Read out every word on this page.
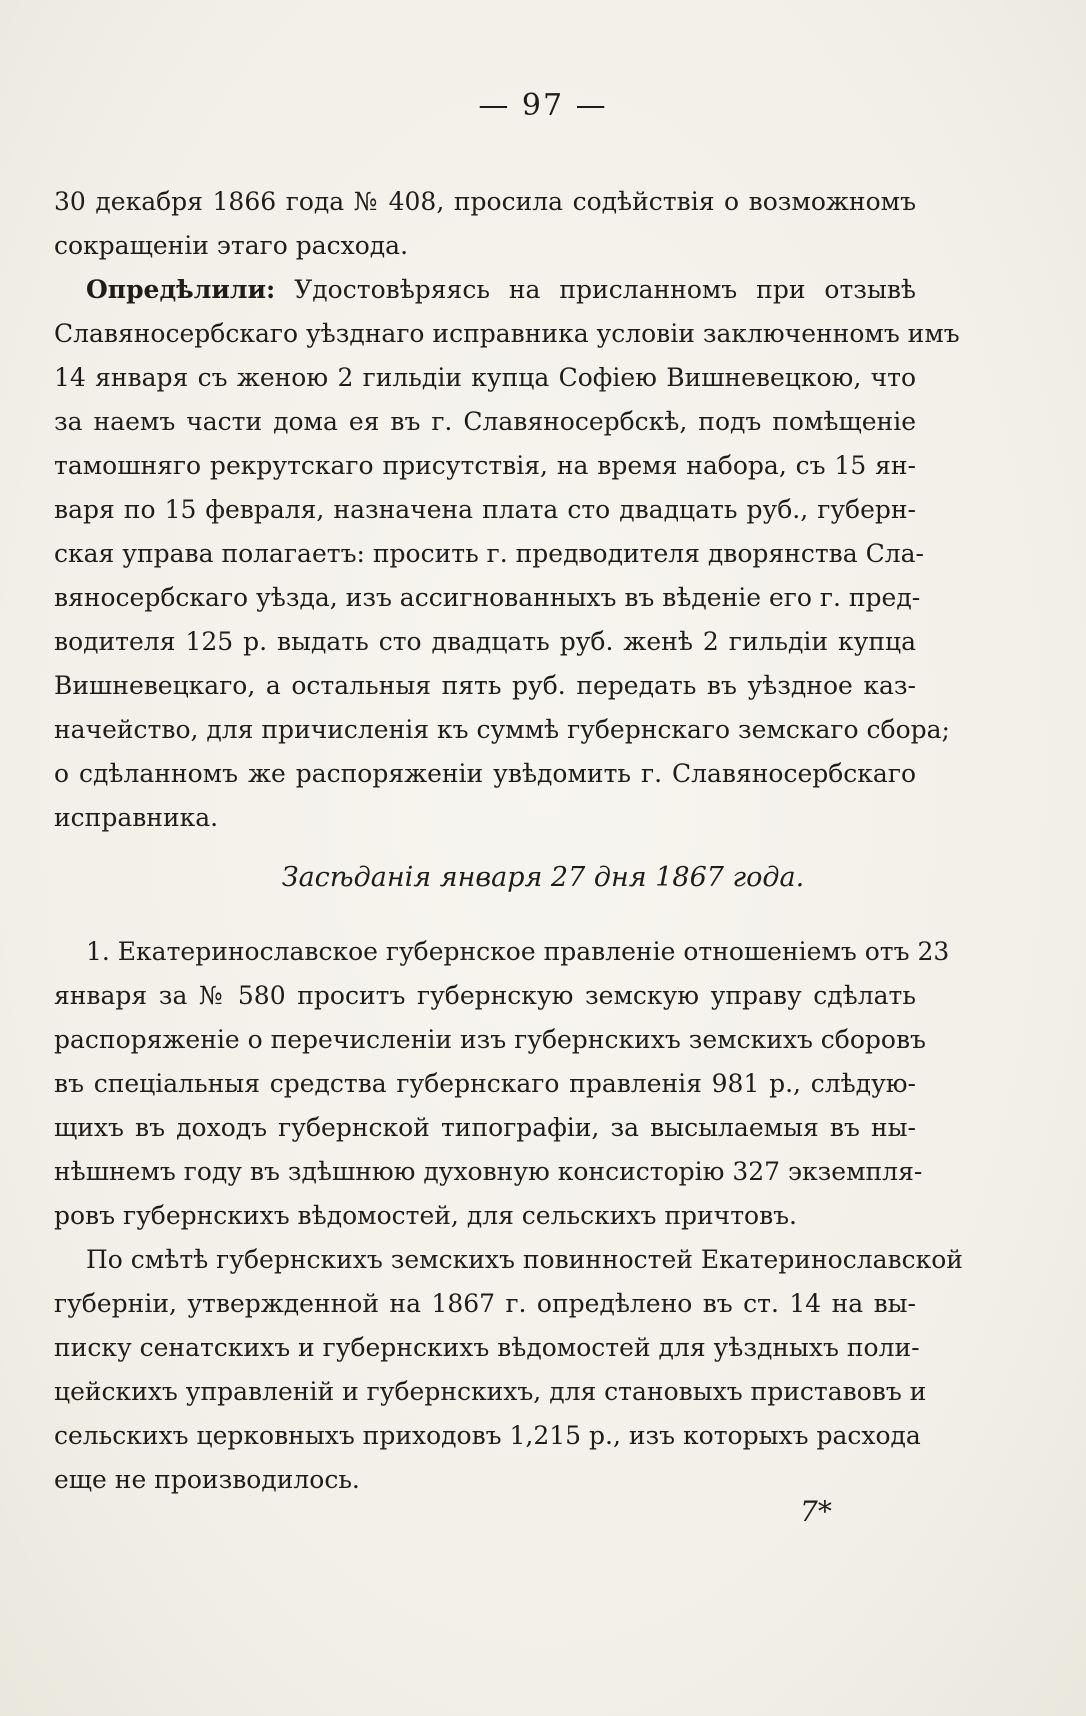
— 97 —
30 декабря 1866 года № 408, просила содѣйствія о возможномъ
сокращеніи этаго расхода.
Опредѣлили: Удостовѣряясь на присланномъ при отзывѣ
Славяносербскаго уѣзднаго исправника условіи заключенномъ имъ
14 января съ женою 2 гильдіи купца Софіею Вишневецкою, что
за наемъ части дома ея въ г. Славяносербскѣ, подъ помѣщеніе
тамошняго рекрутскаго присутствія, на время набора, съ 15 ян-
варя по 15 февраля, назначена плата сто двадцать руб., губерн-
ская управа полагаетъ: просить г. предводителя дворянства Сла-
вяносербскаго уѣзда, изъ ассигнованныхъ въ вѣденіе его г. пред-
водителя 125 р. выдать сто двадцать руб. женѣ 2 гильдіи купца
Вишневецкаго, а остальныя пять руб. передать въ уѣздное каз-
начейство, для причисленія къ суммѣ губернскаго земскаго сбора;
о сдѣланномъ же распоряженіи увѣдомить г. Славяносербскаго
исправника.
Засѣданія января 27 дня 1867 года.
1. Екатеринославское губернское правленіе отношеніемъ отъ 23
января за № 580 проситъ губернскую земскую управу сдѣлать
распоряженіе о перечисленіи изъ губернскихъ земскихъ сборовъ
въ спеціальныя средства губернскаго правленія 981 р., слѣдую-
щихъ въ доходъ губернской типографіи, за высылаемыя въ ны-
нѣшнемъ году въ здѣшнюю духовную консисторію 327 экземпля-
ровъ губернскихъ вѣдомостей, для сельскихъ причтовъ.
По смѣтѣ губернскихъ земскихъ повинностей Екатеринославской
губерніи, утвержденной на 1867 г. опредѣлено въ ст. 14 на вы-
писку сенатскихъ и губернскихъ вѣдомостей для уѣздныхъ поли-
цейскихъ управленій и губернскихъ, для становыхъ приставовъ и
сельскихъ церковныхъ приходовъ 1,215 р., изъ которыхъ расхода
еще не производилось.
7*
